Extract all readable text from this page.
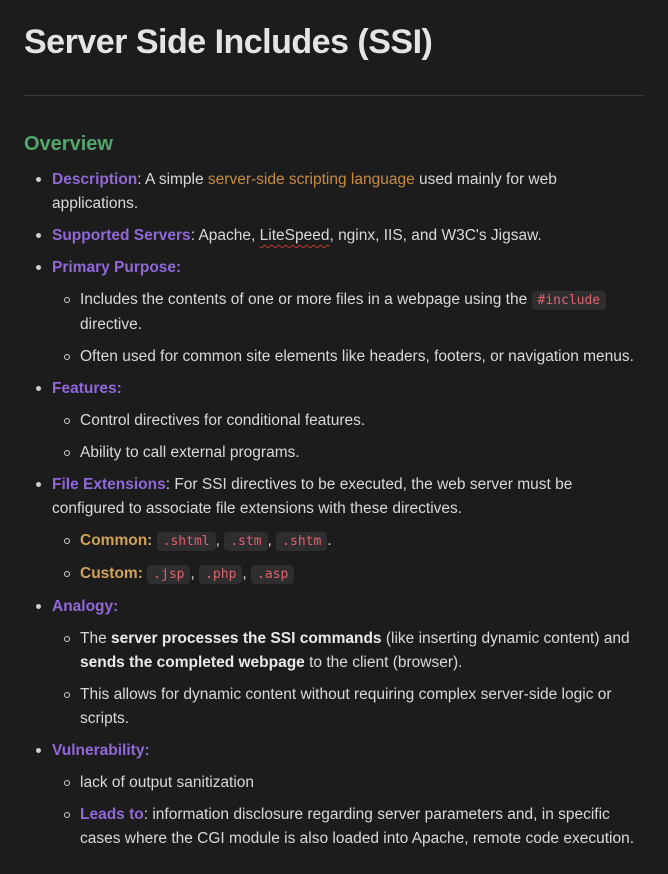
Server Side Includes (SSI)
Overview
Description: A simple server-side scripting language used mainly for web applications.
Supported Servers: Apache, LiteSpeed, nginx, IIS, and W3C's Jigsaw.
Primary Purpose:
Includes the contents of one or more files in a webpage using the #include directive.
Often used for common site elements like headers, footers, or navigation menus.
Features:
Control directives for conditional features.
Ability to call external programs.
File Extensions: For SSI directives to be executed, the web server must be configured to associate file extensions with these directives.
Common: .shtml , .stm , .shtm .
Custom: .jsp , .php , .asp
Analogy:
The server processes the SSI commands (like inserting dynamic content) and sends the completed webpage to the client (browser).
This allows for dynamic content without requiring complex server-side logic or scripts.
Vulnerability:
lack of output sanitization
Leads to: information disclosure regarding server parameters and, in specific cases where the CGI module is also loaded into Apache, remote code execution.
